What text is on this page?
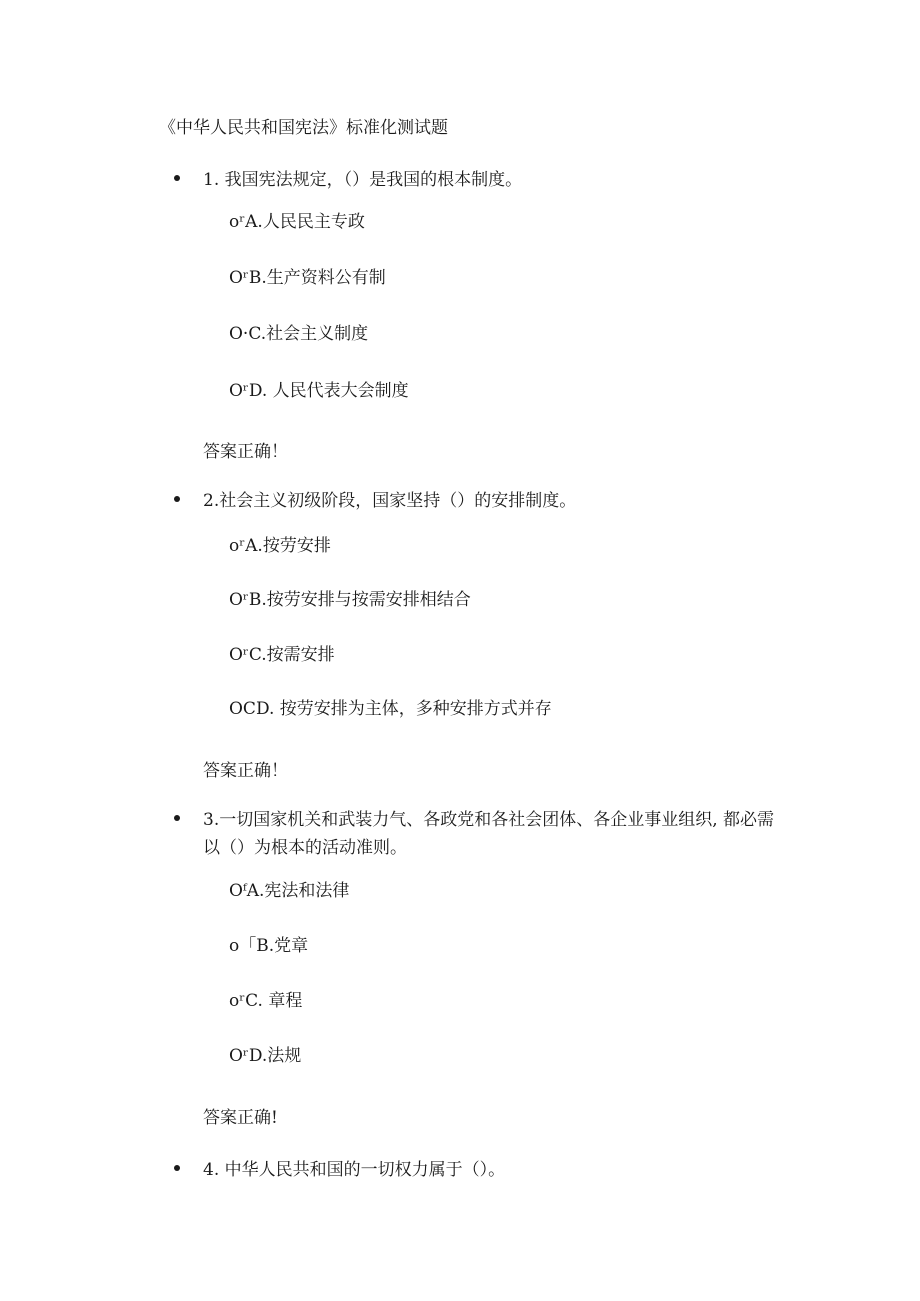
《中华人民共和国宪法》标准化测试题
1. 我国宪法规定，（）是我国的根本制度。
oʳA.人民民主专政
OʳB.生产资料公有制
O·C.社会主义制度
OʳD. 人民代表大会制度
答案正确！
2.社会主义初级阶段，国家坚持（）的安排制度。
oʳA.按劳安排
OʳB.按劳安排与按需安排相结合
OʳC.按需安排
OCD. 按劳安排为主体，多种安排方式并存
答案正确！
3.一切国家机关和武装力气、各政党和各社会团体、各企业事业组织, 都必需以（）为根本的活动准则。
OᶠA.宪法和法律
o「B.党章
oʳC. 章程
OʳD.法规
答案正确!
4. 中华人民共和国的一切权力属于（）。
